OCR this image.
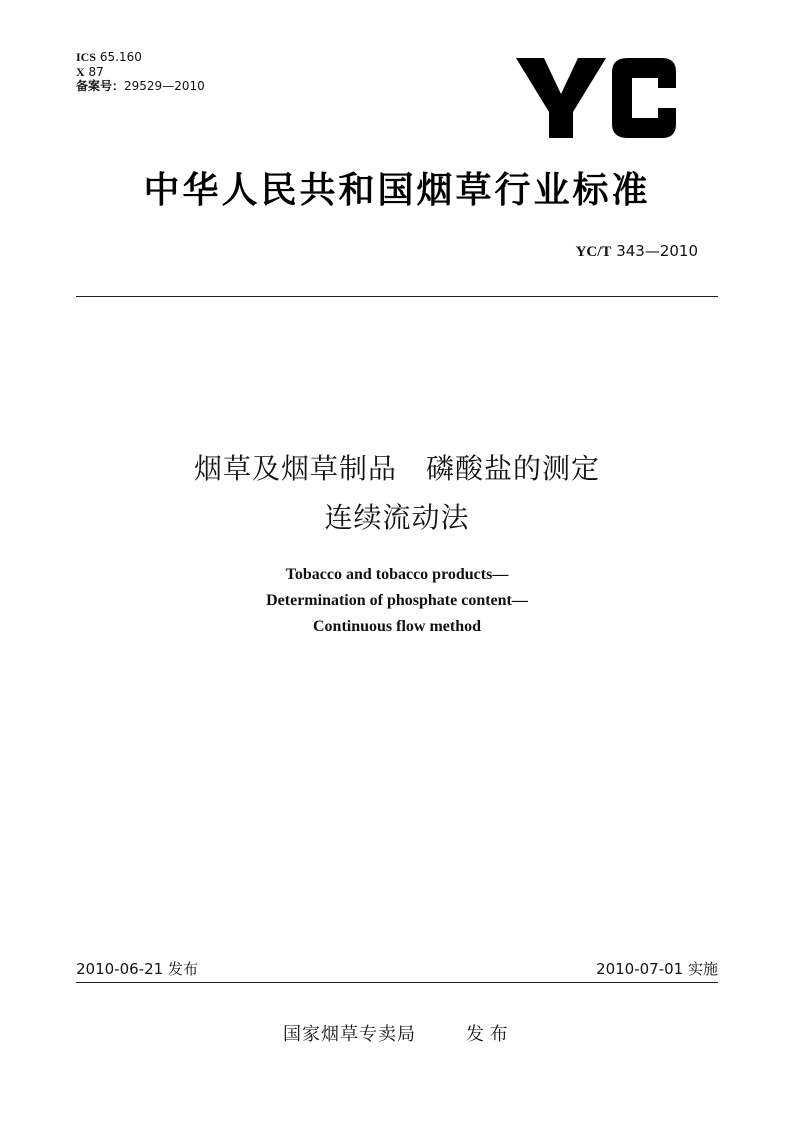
ICS 65.160
X 87
备案号：29529—2010
中华人民共和国烟草行业标准
YC/T 343—2010
烟草及烟草制品　磷酸盐的测定
连续流动法
Tobacco and tobacco products—
Determination of phosphate content—
Continuous flow method
2010-06-21 发布	2010-07-01 实施
国家烟草专卖局	发 布
